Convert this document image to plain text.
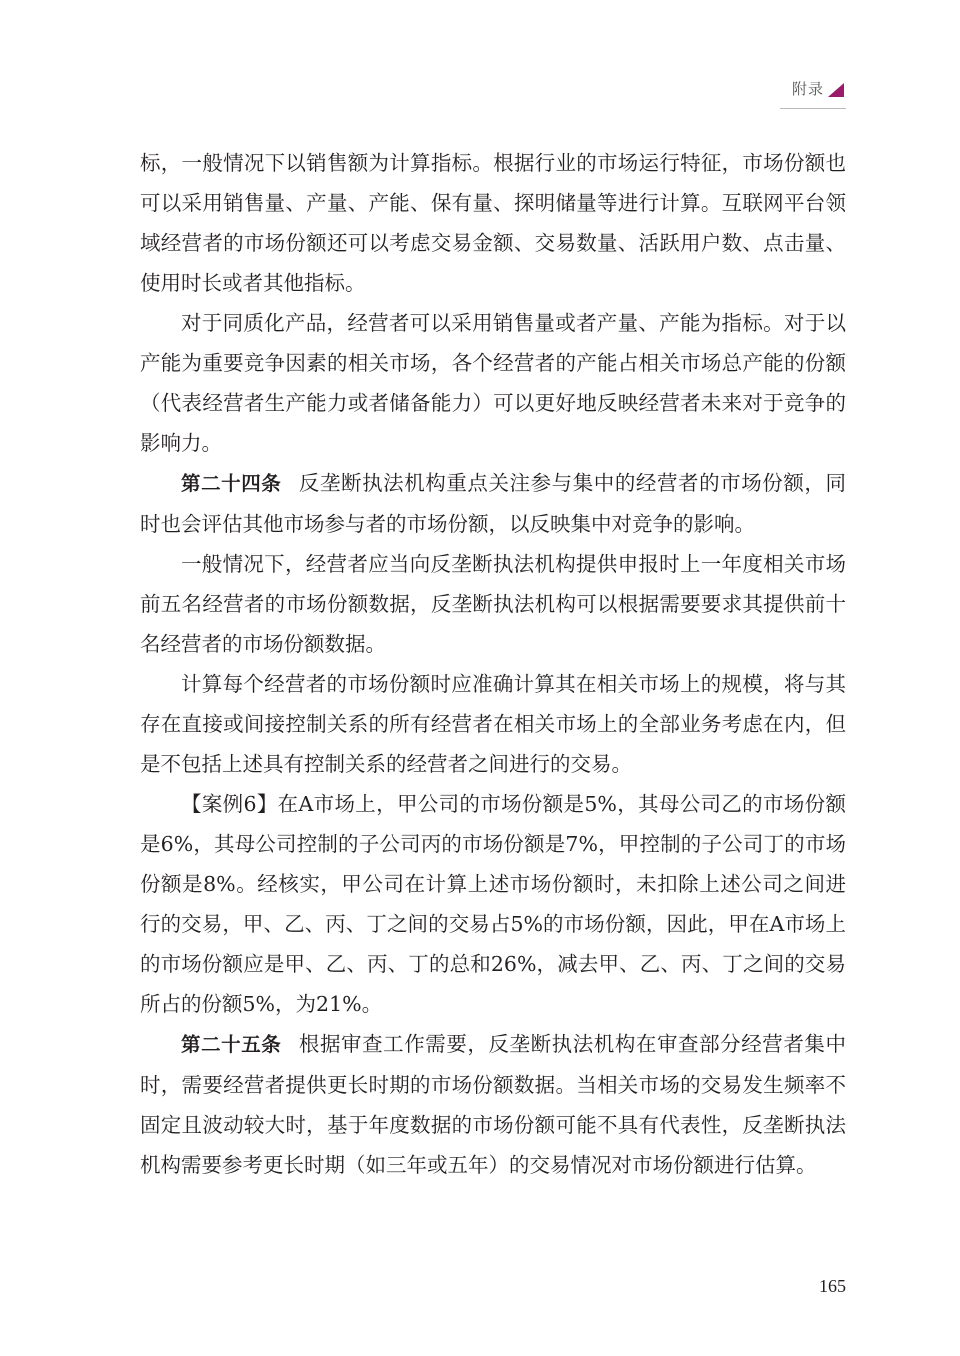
附录

标，一般情况下以销售额为计算指标。根据行业的市场运行特征，市场份额也可以采用销售量、产量、产能、保有量、探明储量等进行计算。互联网平台领域经营者的市场份额还可以考虑交易金额、交易数量、活跃用户数、点击量、使用时长或者其他指标。

对于同质化产品，经营者可以采用销售量或者产量、产能为指标。对于以产能为重要竞争因素的相关市场，各个经营者的产能占相关市场总产能的份额（代表经营者生产能力或者储备能力）可以更好地反映经营者未来对于竞争的影响力。

第二十四条 反垄断执法机构重点关注参与集中的经营者的市场份额，同时也会评估其他市场参与者的市场份额，以反映集中对竞争的影响。

一般情况下，经营者应当向反垄断执法机构提供申报时上一年度相关市场前五名经营者的市场份额数据，反垄断执法机构可以根据需要要求其提供前十名经营者的市场份额数据。

计算每个经营者的市场份额时应准确计算其在相关市场上的规模，将与其存在直接或间接控制关系的所有经营者在相关市场上的全部业务考虑在内，但是不包括上述具有控制关系的经营者之间进行的交易。

【案例6】在A市场上，甲公司的市场份额是5%，其母公司乙的市场份额是6%，其母公司控制的子公司丙的市场份额是7%，甲控制的子公司丁的市场份额是8%。经核实，甲公司在计算上述市场份额时，未扣除上述公司之间进行的交易，甲、乙、丙、丁之间的交易占5%的市场份额，因此，甲在A市场上的市场份额应是甲、乙、丙、丁的总和26%，减去甲、乙、丙、丁之间的交易所占的份额5%，为21%。

第二十五条 根据审查工作需要，反垄断执法机构在审查部分经营者集中时，需要经营者提供更长时期的市场份额数据。当相关市场的交易发生频率不固定且波动较大时，基于年度数据的市场份额可能不具有代表性，反垄断执法机构需要参考更长时期（如三年或五年）的交易情况对市场份额进行估算。

165
